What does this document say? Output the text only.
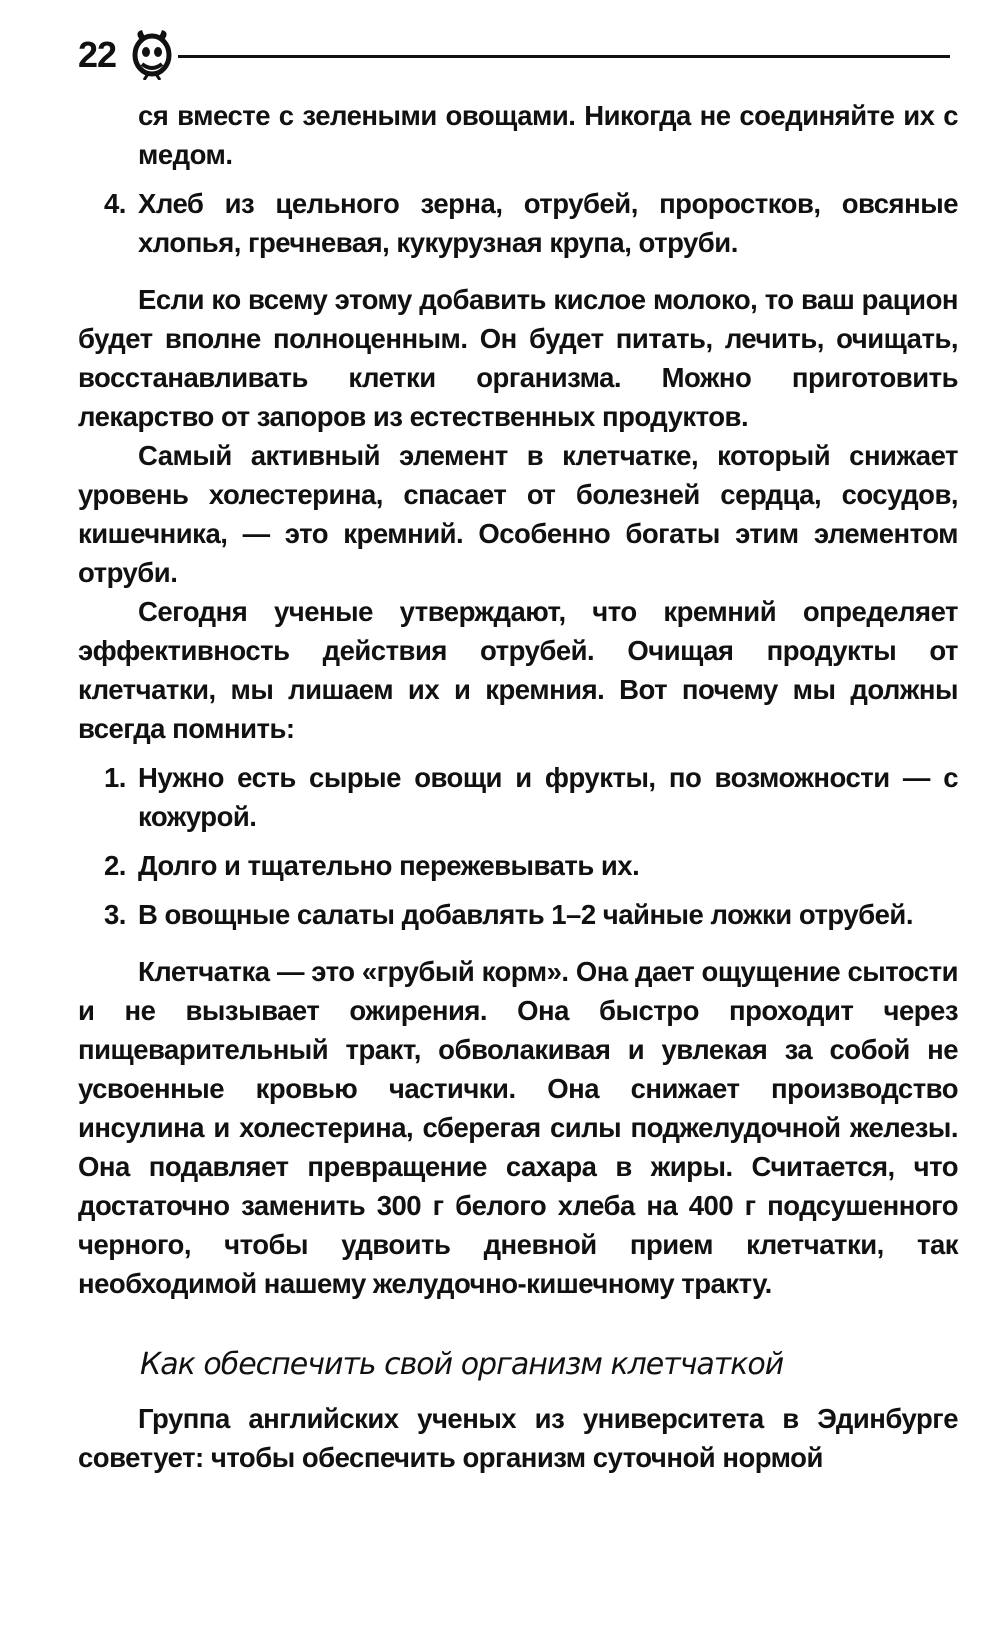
22

ся вместе с зелеными овощами. Никогда не соединяйте их с медом.

4. Хлеб из цельного зерна, отрубей, проростков, овсяные хлопья, гречневая, кукурузная крупа, отруби.

Если ко всему этому добавить кислое молоко, то ваш рацион будет вполне полноценным. Он будет питать, лечить, очищать, восстанавливать клетки организма. Можно приготовить лекарство от запоров из естественных продуктов.

Самый активный элемент в клетчатке, который снижает уровень холестерина, спасает от болезней сердца, сосудов, кишечника, — это кремний. Особенно богаты этим элементом отруби.

Сегодня ученые утверждают, что кремний определяет эффективность действия отрубей. Очищая продукты от клетчатки, мы лишаем их и кремния. Вот почему мы должны всегда помнить:

1. Нужно есть сырые овощи и фрукты, по возможности — с кожурой.
2. Долго и тщательно пережевывать их.
3. В овощные салаты добавлять 1–2 чайные ложки отрубей.

Клетчатка — это «грубый корм». Она дает ощущение сытости и не вызывает ожирения. Она быстро проходит через пищеварительный тракт, обволакивая и увлекая за собой не усвоенные кровью частички. Она снижает производство инсулина и холестерина, сберегая силы поджелудочной железы. Она подавляет превращение сахара в жиры. Считается, что достаточно заменить 300 г белого хлеба на 400 г подсушенного черного, чтобы удвоить дневной прием клетчатки, так необходимой нашему желудочно-кишечному тракту.

Как обеспечить свой организм клетчаткой

Группа английских ученых из университета в Эдинбурге советует: чтобы обеспечить организм суточной нормой
